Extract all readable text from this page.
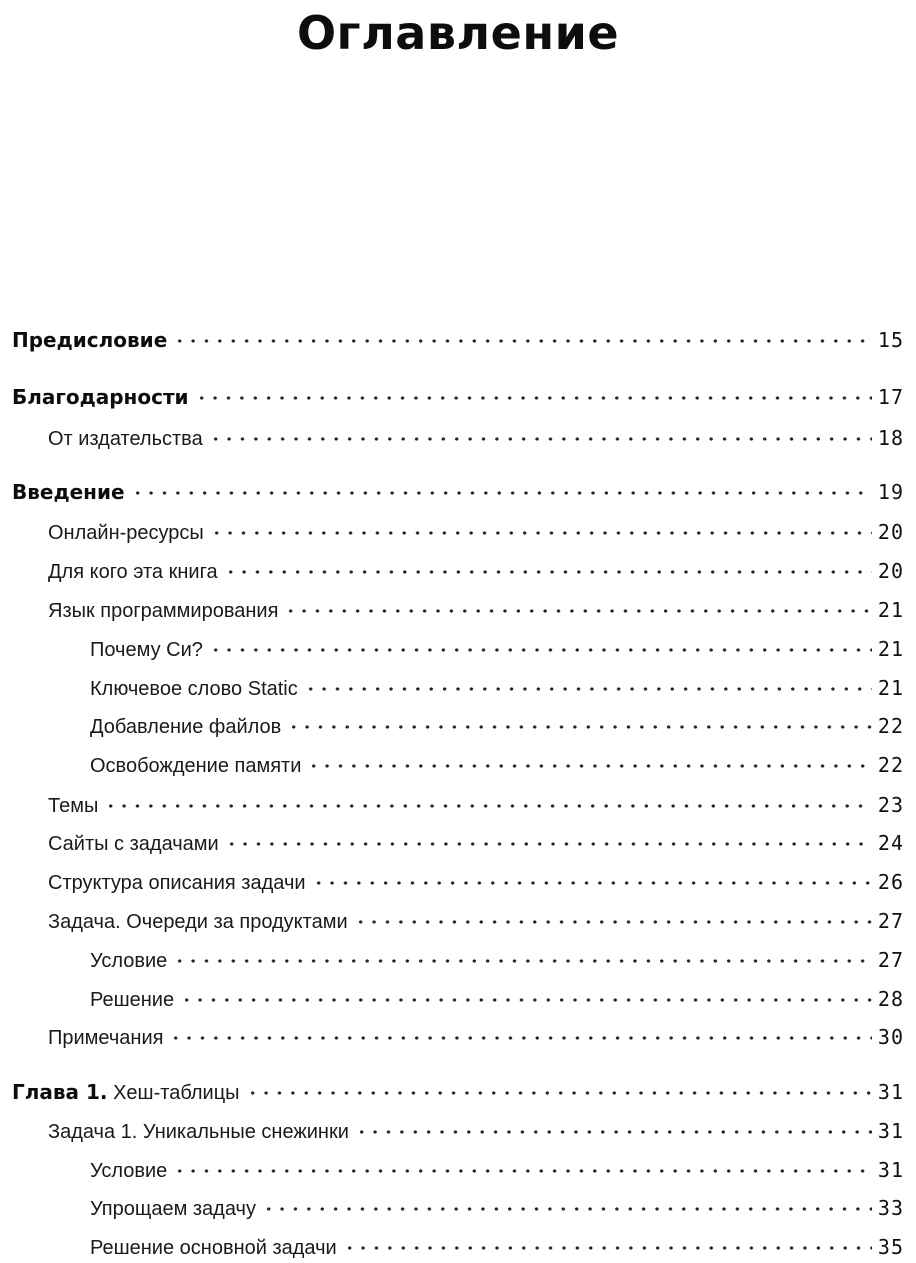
Оглавление
Предисловие	15
Благодарности	17
От издательства	18
Введение	19
Онлайн-ресурсы	20
Для кого эта книга	20
Язык программирования	21
Почему Си?	21
Ключевое слово Static	21
Добавление файлов	22
Освобождение памяти	22
Темы	23
Сайты с задачами	24
Структура описания задачи	26
Задача. Очереди за продуктами	27
Условие	27
Решение	28
Примечания	30
Глава 1. Хеш-таблицы	31
Задача 1. Уникальные снежинки	31
Условие	31
Упрощаем задачу	33
Решение основной задачи	35
